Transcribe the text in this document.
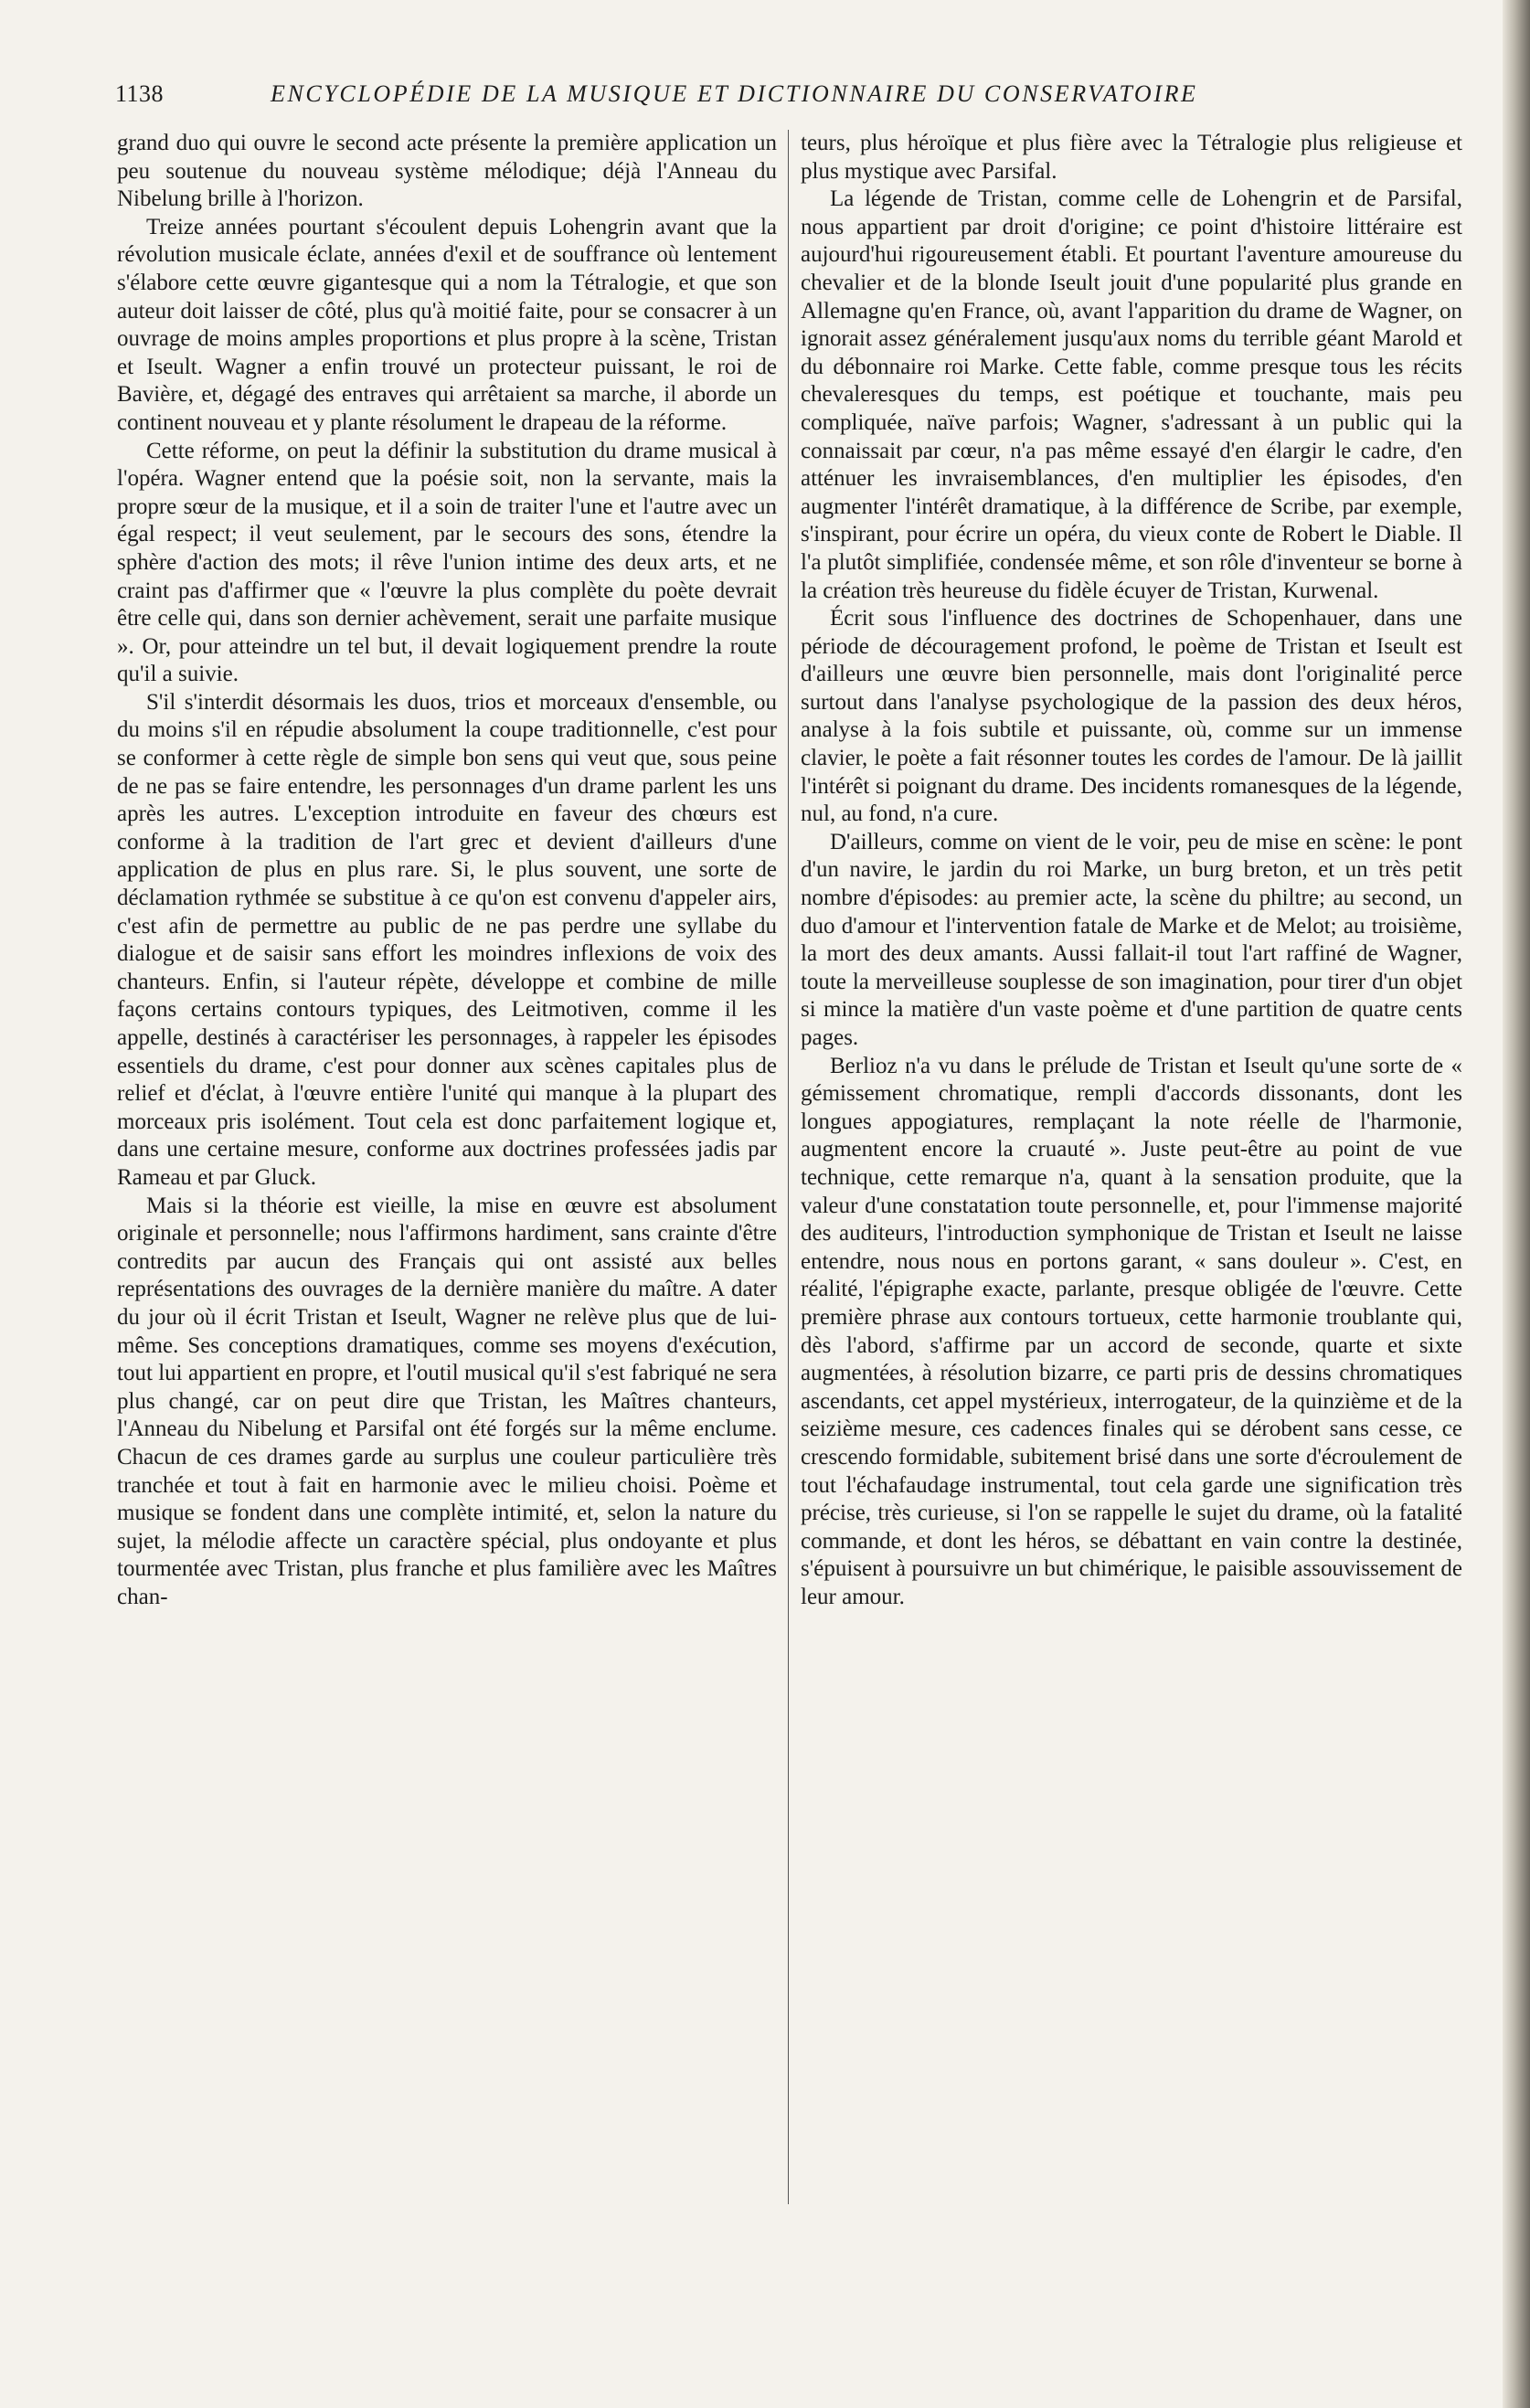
1138	ENCYCLOPÉDIE DE LA MUSIQUE ET DICTIONNAIRE DU CONSERVATOIRE

grand duo qui ouvre le second acte présente la première application un peu soutenue du nouveau système mélodique; déjà l'Anneau du Nibelung brille à l'horizon.

Treize années pourtant s'écoulent depuis Lohengrin avant que la révolution musicale éclate, années d'exil et de souffrance où lentement s'élabore cette œuvre gigantesque qui a nom la Tétralogie, et que son auteur doit laisser de côté, plus qu'à moitié faite, pour se consacrer à un ouvrage de moins amples proportions et plus propre à la scène, Tristan et Iseult. Wagner a enfin trouvé un protecteur puissant, le roi de Bavière, et, dégagé des entraves qui arrêtaient sa marche, il aborde un continent nouveau et y plante résolument le drapeau de la réforme.

Cette réforme, on peut la définir la substitution du drame musical à l'opéra. Wagner entend que la poésie soit, non la servante, mais la propre sœur de la musique, et il a soin de traiter l'une et l'autre avec un égal respect; il veut seulement, par le secours des sons, étendre la sphère d'action des mots; il rêve l'union intime des deux arts, et ne craint pas d'affirmer que « l'œuvre la plus complète du poète devrait être celle qui, dans son dernier achèvement, serait une parfaite musique ». Or, pour atteindre un tel but, il devait logiquement prendre la route qu'il a suivie.

S'il s'interdit désormais les duos, trios et morceaux d'ensemble, ou du moins s'il en répudie absolument la coupe traditionnelle, c'est pour se conformer à cette règle de simple bon sens qui veut que, sous peine de ne pas se faire entendre, les personnages d'un drame parlent les uns après les autres. L'exception introduite en faveur des chœurs est conforme à la tradition de l'art grec et devient d'ailleurs d'une application de plus en plus rare. Si, le plus souvent, une sorte de déclamation rythmée se substitue à ce qu'on est convenu d'appeler airs, c'est afin de permettre au public de ne pas perdre une syllabe du dialogue et de saisir sans effort les moindres inflexions de voix des chanteurs. Enfin, si l'auteur répète, développe et combine de mille façons certains contours typiques, des Leitmotiven, comme il les appelle, destinés à caractériser les personnages, à rappeler les épisodes essentiels du drame, c'est pour donner aux scènes capitales plus de relief et d'éclat, à l'œuvre entière l'unité qui manque à la plupart des morceaux pris isolément. Tout cela est donc parfaitement logique et, dans une certaine mesure, conforme aux doctrines professées jadis par Rameau et par Gluck.

Mais si la théorie est vieille, la mise en œuvre est absolument originale et personnelle; nous l'affirmons hardiment, sans crainte d'être contredits par aucun des Français qui ont assisté aux belles représentations des ouvrages de la dernière manière du maître. A dater du jour où il écrit Tristan et Iseult, Wagner ne relève plus que de lui-même. Ses conceptions dramatiques, comme ses moyens d'exécution, tout lui appartient en propre, et l'outil musical qu'il s'est fabriqué ne sera plus changé, car on peut dire que Tristan, les Maîtres chanteurs, l'Anneau du Nibelung et Parsifal ont été forgés sur la même enclume. Chacun de ces drames garde au surplus une couleur particulière très tranchée et tout à fait en harmonie avec le milieu choisi. Poème et musique se fondent dans une complète intimité, et, selon la nature du sujet, la mélodie affecte un caractère spécial, plus ondoyante et plus tourmentée avec Tristan, plus franche et plus familière avec les Maîtres chan-

teurs, plus héroïque et plus fière avec la Tétralogie plus religieuse et plus mystique avec Parsifal.

La légende de Tristan, comme celle de Lohengrin et de Parsifal, nous appartient par droit d'origine; ce point d'histoire littéraire est aujourd'hui rigoureusement établi. Et pourtant l'aventure amoureuse du chevalier et de la blonde Iseult jouit d'une popularité plus grande en Allemagne qu'en France, où, avant l'apparition du drame de Wagner, on ignorait assez généralement jusqu'aux noms du terrible géant Marold et du débonnaire roi Marke. Cette fable, comme presque tous les récits chevaleresques du temps, est poétique et touchante, mais peu compliquée, naïve parfois; Wagner, s'adressant à un public qui la connaissait par cœur, n'a pas même essayé d'en élargir le cadre, d'en atténuer les invraisemblances, d'en multiplier les épisodes, d'en augmenter l'intérêt dramatique, à la différence de Scribe, par exemple, s'inspirant, pour écrire un opéra, du vieux conte de Robert le Diable. Il l'a plutôt simplifiée, condensée même, et son rôle d'inventeur se borne à la création très heureuse du fidèle écuyer de Tristan, Kurwenal.

Écrit sous l'influence des doctrines de Schopenhauer, dans une période de découragement profond, le poème de Tristan et Iseult est d'ailleurs une œuvre bien personnelle, mais dont l'originalité perce surtout dans l'analyse psychologique de la passion des deux héros, analyse à la fois subtile et puissante, où, comme sur un immense clavier, le poète a fait résonner toutes les cordes de l'amour. De là jaillit l'intérêt si poignant du drame. Des incidents romanesques de la légende, nul, au fond, n'a cure.

D'ailleurs, comme on vient de le voir, peu de mise en scène: le pont d'un navire, le jardin du roi Marke, un burg breton, et un très petit nombre d'épisodes: au premier acte, la scène du philtre; au second, un duo d'amour et l'intervention fatale de Marke et de Melot; au troisième, la mort des deux amants. Aussi fallait-il tout l'art raffiné de Wagner, toute la merveilleuse souplesse de son imagination, pour tirer d'un objet si mince la matière d'un vaste poème et d'une partition de quatre cents pages.

Berlioz n'a vu dans le prélude de Tristan et Iseult qu'une sorte de « gémissement chromatique, rempli d'accords dissonants, dont les longues appogiatures, remplaçant la note réelle de l'harmonie, augmentent encore la cruauté ». Juste peut-être au point de vue technique, cette remarque n'a, quant à la sensation produite, que la valeur d'une constatation toute personnelle, et, pour l'immense majorité des auditeurs, l'introduction symphonique de Tristan et Iseult ne laisse entendre, nous nous en portons garant, « sans douleur ». C'est, en réalité, l'épigraphe exacte, parlante, presque obligée de l'œuvre. Cette première phrase aux contours tortueux, cette harmonie troublante qui, dès l'abord, s'affirme par un accord de seconde, quarte et sixte augmentées, à résolution bizarre, ce parti pris de dessins chromatiques ascendants, cet appel mystérieux, interrogateur, de la quinzième et de la seizième mesure, ces cadences finales qui se dérobent sans cesse, ce crescendo formidable, subitement brisé dans une sorte d'écroulement de tout l'échafaudage instrumental, tout cela garde une signification très précise, très curieuse, si l'on se rappelle le sujet du drame, où la fatalité commande, et dont les héros, se débattant en vain contre la destinée, s'épuisent à poursuivre un but chimérique, le paisible assouvissement de leur amour.
